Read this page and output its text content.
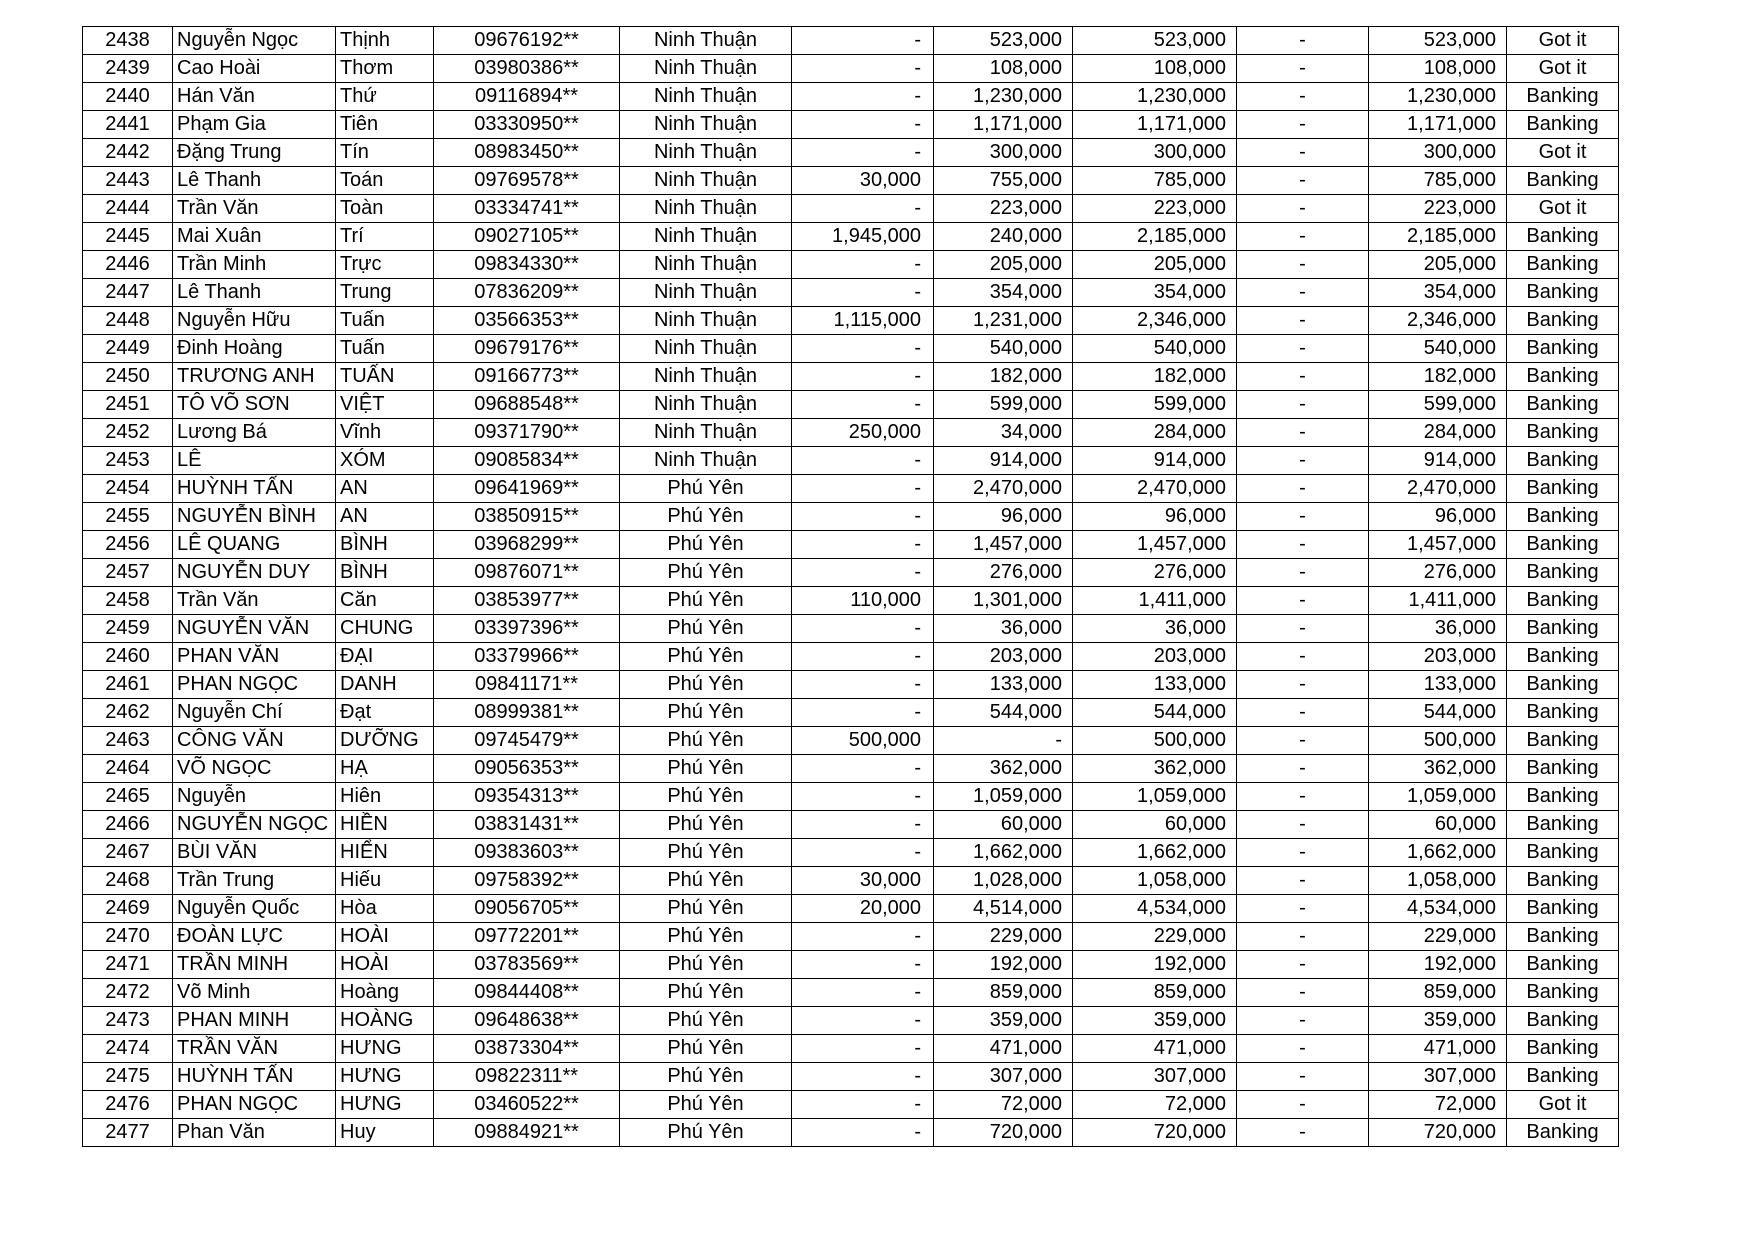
2438	Nguyễn Ngọc	Thịnh	09676192**	Ninh Thuận	-	523,000	523,000	-	523,000	Got it
2439	Cao Hoài	Thơm	03980386**	Ninh Thuận	-	108,000	108,000	-	108,000	Got it
2440	Hán Văn	Thứ	09116894**	Ninh Thuận	-	1,230,000	1,230,000	-	1,230,000	Banking
2441	Phạm Gia	Tiên	03330950**	Ninh Thuận	-	1,171,000	1,171,000	-	1,171,000	Banking
2442	Đặng Trung	Tín	08983450**	Ninh Thuận	-	300,000	300,000	-	300,000	Got it
2443	Lê Thanh	Toán	09769578**	Ninh Thuận	30,000	755,000	785,000	-	785,000	Banking
2444	Trần Văn	Toàn	03334741**	Ninh Thuận	-	223,000	223,000	-	223,000	Got it
2445	Mai Xuân	Trí	09027105**	Ninh Thuận	1,945,000	240,000	2,185,000	-	2,185,000	Banking
2446	Trần Minh	Trực	09834330**	Ninh Thuận	-	205,000	205,000	-	205,000	Banking
2447	Lê Thanh	Trung	07836209**	Ninh Thuận	-	354,000	354,000	-	354,000	Banking
2448	Nguyễn Hữu	Tuấn	03566353**	Ninh Thuận	1,115,000	1,231,000	2,346,000	-	2,346,000	Banking
2449	Đinh Hoàng	Tuấn	09679176**	Ninh Thuận	-	540,000	540,000	-	540,000	Banking
2450	TRƯƠNG ANH	TUẤN	09166773**	Ninh Thuận	-	182,000	182,000	-	182,000	Banking
2451	TÔ VÕ SƠN	VIỆT	09688548**	Ninh Thuận	-	599,000	599,000	-	599,000	Banking
2452	Lương Bá	Vĩnh	09371790**	Ninh Thuận	250,000	34,000	284,000	-	284,000	Banking
2453	LÊ	XÓM	09085834**	Ninh Thuận	-	914,000	914,000	-	914,000	Banking
2454	HUỲNH TẤN	AN	09641969**	Phú Yên	-	2,470,000	2,470,000	-	2,470,000	Banking
2455	NGUYỄN BÌNH	AN	03850915**	Phú Yên	-	96,000	96,000	-	96,000	Banking
2456	LÊ QUANG	BÌNH	03968299**	Phú Yên	-	1,457,000	1,457,000	-	1,457,000	Banking
2457	NGUYỄN DUY	BÌNH	09876071**	Phú Yên	-	276,000	276,000	-	276,000	Banking
2458	Trần Văn	Căn	03853977**	Phú Yên	110,000	1,301,000	1,411,000	-	1,411,000	Banking
2459	NGUYỄN VĂN	CHUNG	03397396**	Phú Yên	-	36,000	36,000	-	36,000	Banking
2460	PHAN VĂN	ĐẠI	03379966**	Phú Yên	-	203,000	203,000	-	203,000	Banking
2461	PHAN NGỌC	DANH	09841171**	Phú Yên	-	133,000	133,000	-	133,000	Banking
2462	Nguyễn Chí	Đạt	08999381**	Phú Yên	-	544,000	544,000	-	544,000	Banking
2463	CÔNG VĂN	DƯỠNG	09745479**	Phú Yên	500,000	-	500,000	-	500,000	Banking
2464	VÕ NGỌC	HẠ	09056353**	Phú Yên	-	362,000	362,000	-	362,000	Banking
2465	Nguyễn	Hiên	09354313**	Phú Yên	-	1,059,000	1,059,000	-	1,059,000	Banking
2466	NGUYỄN NGỌC	HIỀN	03831431**	Phú Yên	-	60,000	60,000	-	60,000	Banking
2467	BÙI VĂN	HIỂN	09383603**	Phú Yên	-	1,662,000	1,662,000	-	1,662,000	Banking
2468	Trần Trung	Hiếu	09758392**	Phú Yên	30,000	1,028,000	1,058,000	-	1,058,000	Banking
2469	Nguyễn Quốc	Hòa	09056705**	Phú Yên	20,000	4,514,000	4,534,000	-	4,534,000	Banking
2470	ĐOÀN LỰC	HOÀI	09772201**	Phú Yên	-	229,000	229,000	-	229,000	Banking
2471	TRẦN MINH	HOÀI	03783569**	Phú Yên	-	192,000	192,000	-	192,000	Banking
2472	Võ Minh	Hoàng	09844408**	Phú Yên	-	859,000	859,000	-	859,000	Banking
2473	PHAN MINH	HOÀNG	09648638**	Phú Yên	-	359,000	359,000	-	359,000	Banking
2474	TRẦN VĂN	HƯNG	03873304**	Phú Yên	-	471,000	471,000	-	471,000	Banking
2475	HUỲNH TẤN	HƯNG	09822311**	Phú Yên	-	307,000	307,000	-	307,000	Banking
2476	PHAN NGỌC	HƯNG	03460522**	Phú Yên	-	72,000	72,000	-	72,000	Got it
2477	Phan Văn	Huy	09884921**	Phú Yên	-	720,000	720,000	-	720,000	Banking
